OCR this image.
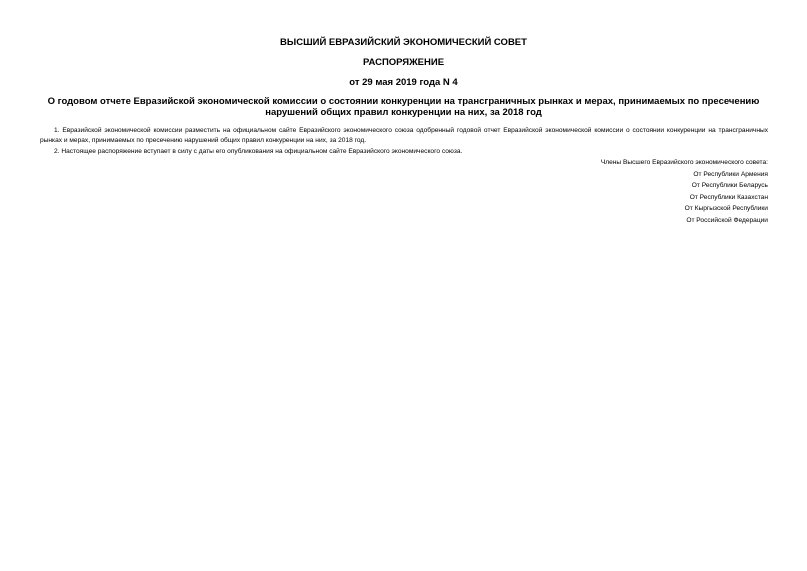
ВЫСШИЙ ЕВРАЗИЙСКИЙ ЭКОНОМИЧЕСКИЙ СОВЕТ
РАСПОРЯЖЕНИЕ
от 29 мая 2019 года N 4
О годовом отчете Евразийской экономической комиссии о состоянии конкуренции на трансграничных рынках и мерах, принимаемых по пресечению нарушений общих правил конкуренции на них, за 2018 год

1. Евразийской экономической комиссии разместить на официальном сайте Евразийского экономического союза одобренный годовой отчет Евразийской экономической комиссии о состоянии конкуренции на трансграничных рынках и мерах, принимаемых по пресечению нарушений общих правил конкуренции на них, за 2018 год.

2. Настоящее распоряжение вступает в силу с даты его опубликования на официальном сайте Евразийского экономического союза.

Члены Высшего Евразийского экономического совета:
От Республики Армения
От Республики Беларусь
От Республики Казахстан
От Кыргызской Республики
От Российской Федерации
